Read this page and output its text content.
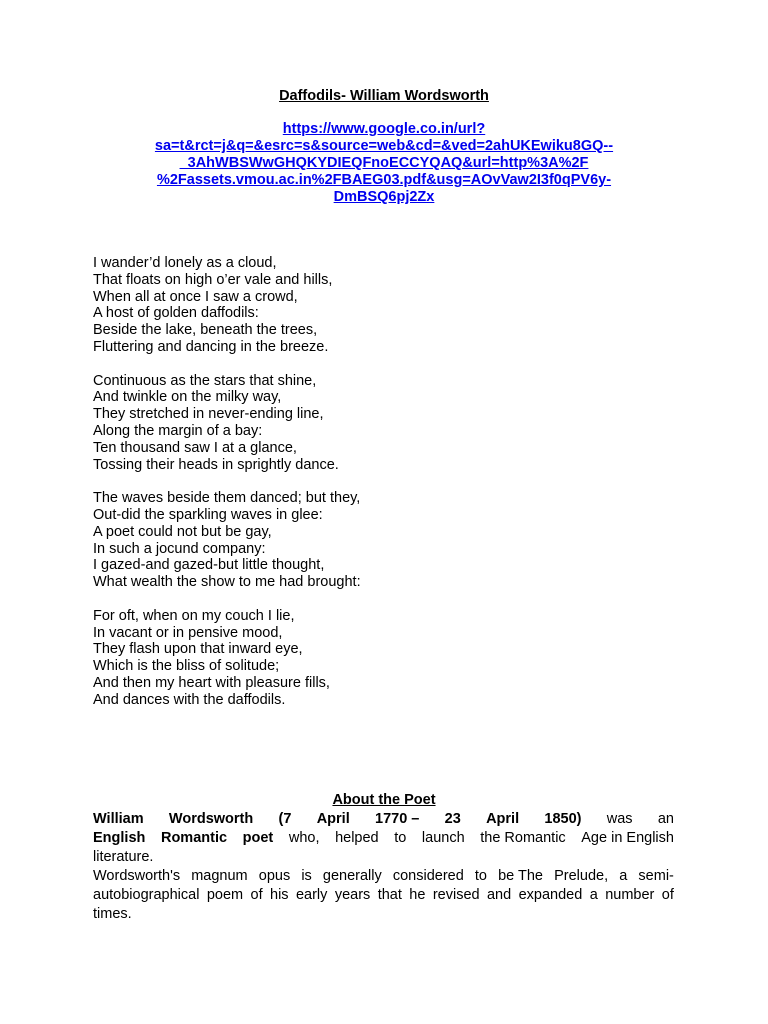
Daffodils- William Wordsworth
https://www.google.co.in/url?
sa=t&rct=j&q=&esrc=s&source=web&cd=&ved=2ahUKEwiku8GQ--
_3AhWBSWwGHQKYDIEQFnoECCYQAQ&url=http%3A%2F
%2Fassets.vmou.ac.in%2FBAEG03.pdf&usg=AOvVaw2I3f0qPV6y-
DmBSQ6pj2Zx
I wander’d lonely as a cloud,
That floats on high o’er vale and hills,
When all at once I saw a crowd,
A host of golden daffodils:
Beside the lake, beneath the trees,
Fluttering and dancing in the breeze.
Continuous as the stars that shine,
And twinkle on the milky way,
They stretched in never-ending line,
Along the margin of a bay:
Ten thousand saw I at a glance,
Tossing their heads in sprightly dance.
The waves beside them danced; but they,
Out-did the sparkling waves in glee:
A poet could not but be gay,
In such a jocund company:
I gazed-and gazed-but little thought,
What wealth the show to me had brought:
For oft, when on my couch I lie,
In vacant or in pensive mood,
They flash upon that inward eye,
Which is the bliss of solitude;
And then my heart with pleasure fills,
And dances with the daffodils.
About the Poet
William Wordsworth (7 April 1770 – 23 April 1850) was an
English Romantic poet who, helped to launch the Romantic Age in English
literature.
Wordsworth's magnum opus is generally considered to be The Prelude, a semi-
autobiographical poem of his early years that he revised and expanded a number of
times.
